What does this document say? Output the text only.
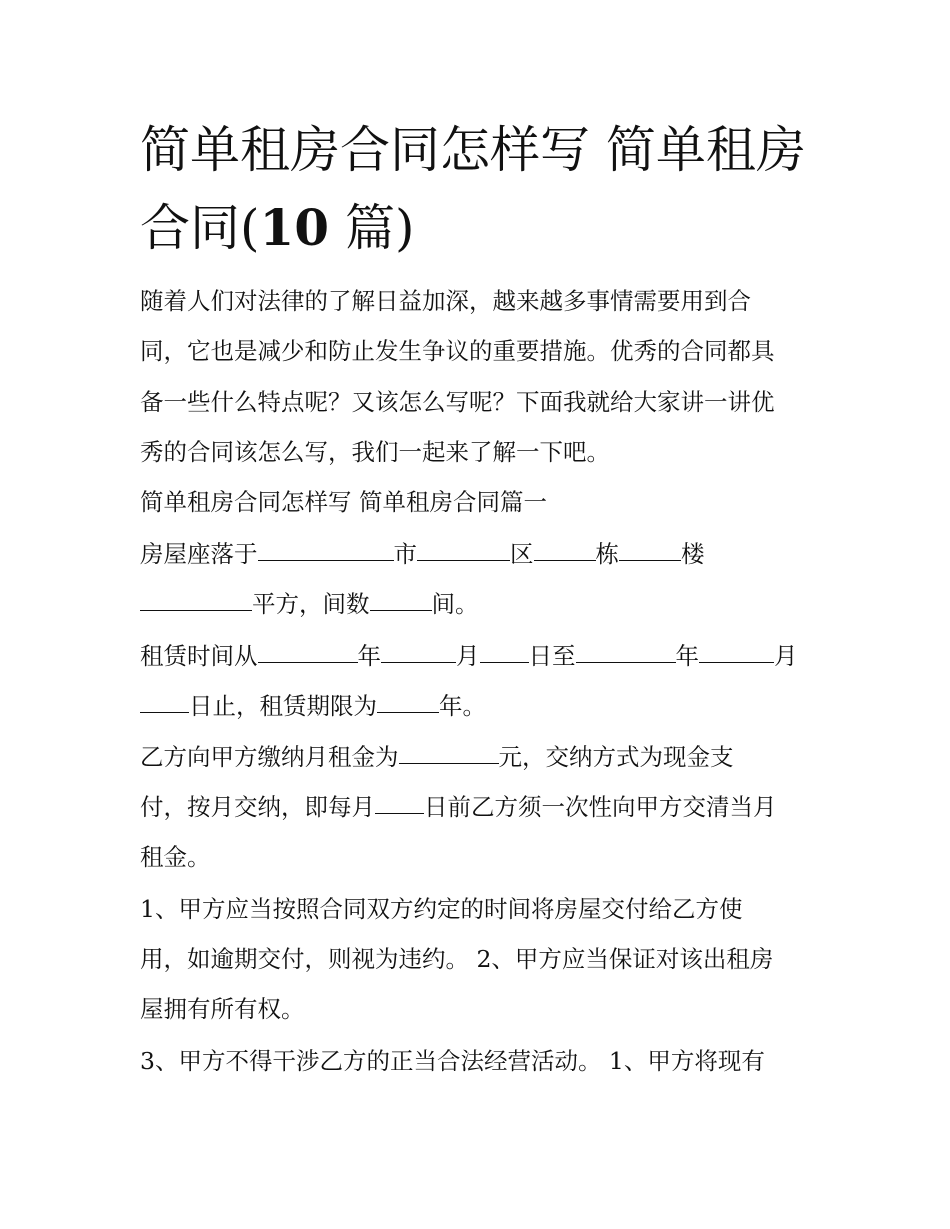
简单租房合同怎样写 简单租房
合同(10 篇)

随着人们对法律的了解日益加深，越来越多事情需要用到合

同，它也是减少和防止发生争议的重要措施。优秀的合同都具

备一些什么特点呢？又该怎么写呢？下面我就给大家讲一讲优

秀的合同该怎么写，我们一起来了解一下吧。

简单租房合同怎样写 简单租房合同篇一

房屋座落于	市	区	栋	楼

平方，间数	间。

租赁时间从	年	月 日至	年	月

日止，租赁期限为	年。

乙方向甲方缴纳月租金为	元，交纳方式为现金支

付，按月交纳，即每月 日前乙方须一次性向甲方交清当月

租金。

1、甲方应当按照合同双方约定的时间将房屋交付给乙方使

用，如逾期交付，则视为违约。 2、甲方应当保证对该出租房

屋拥有所有权。

3、甲方不得干涉乙方的正当合法经营活动。 1、甲方将现有
